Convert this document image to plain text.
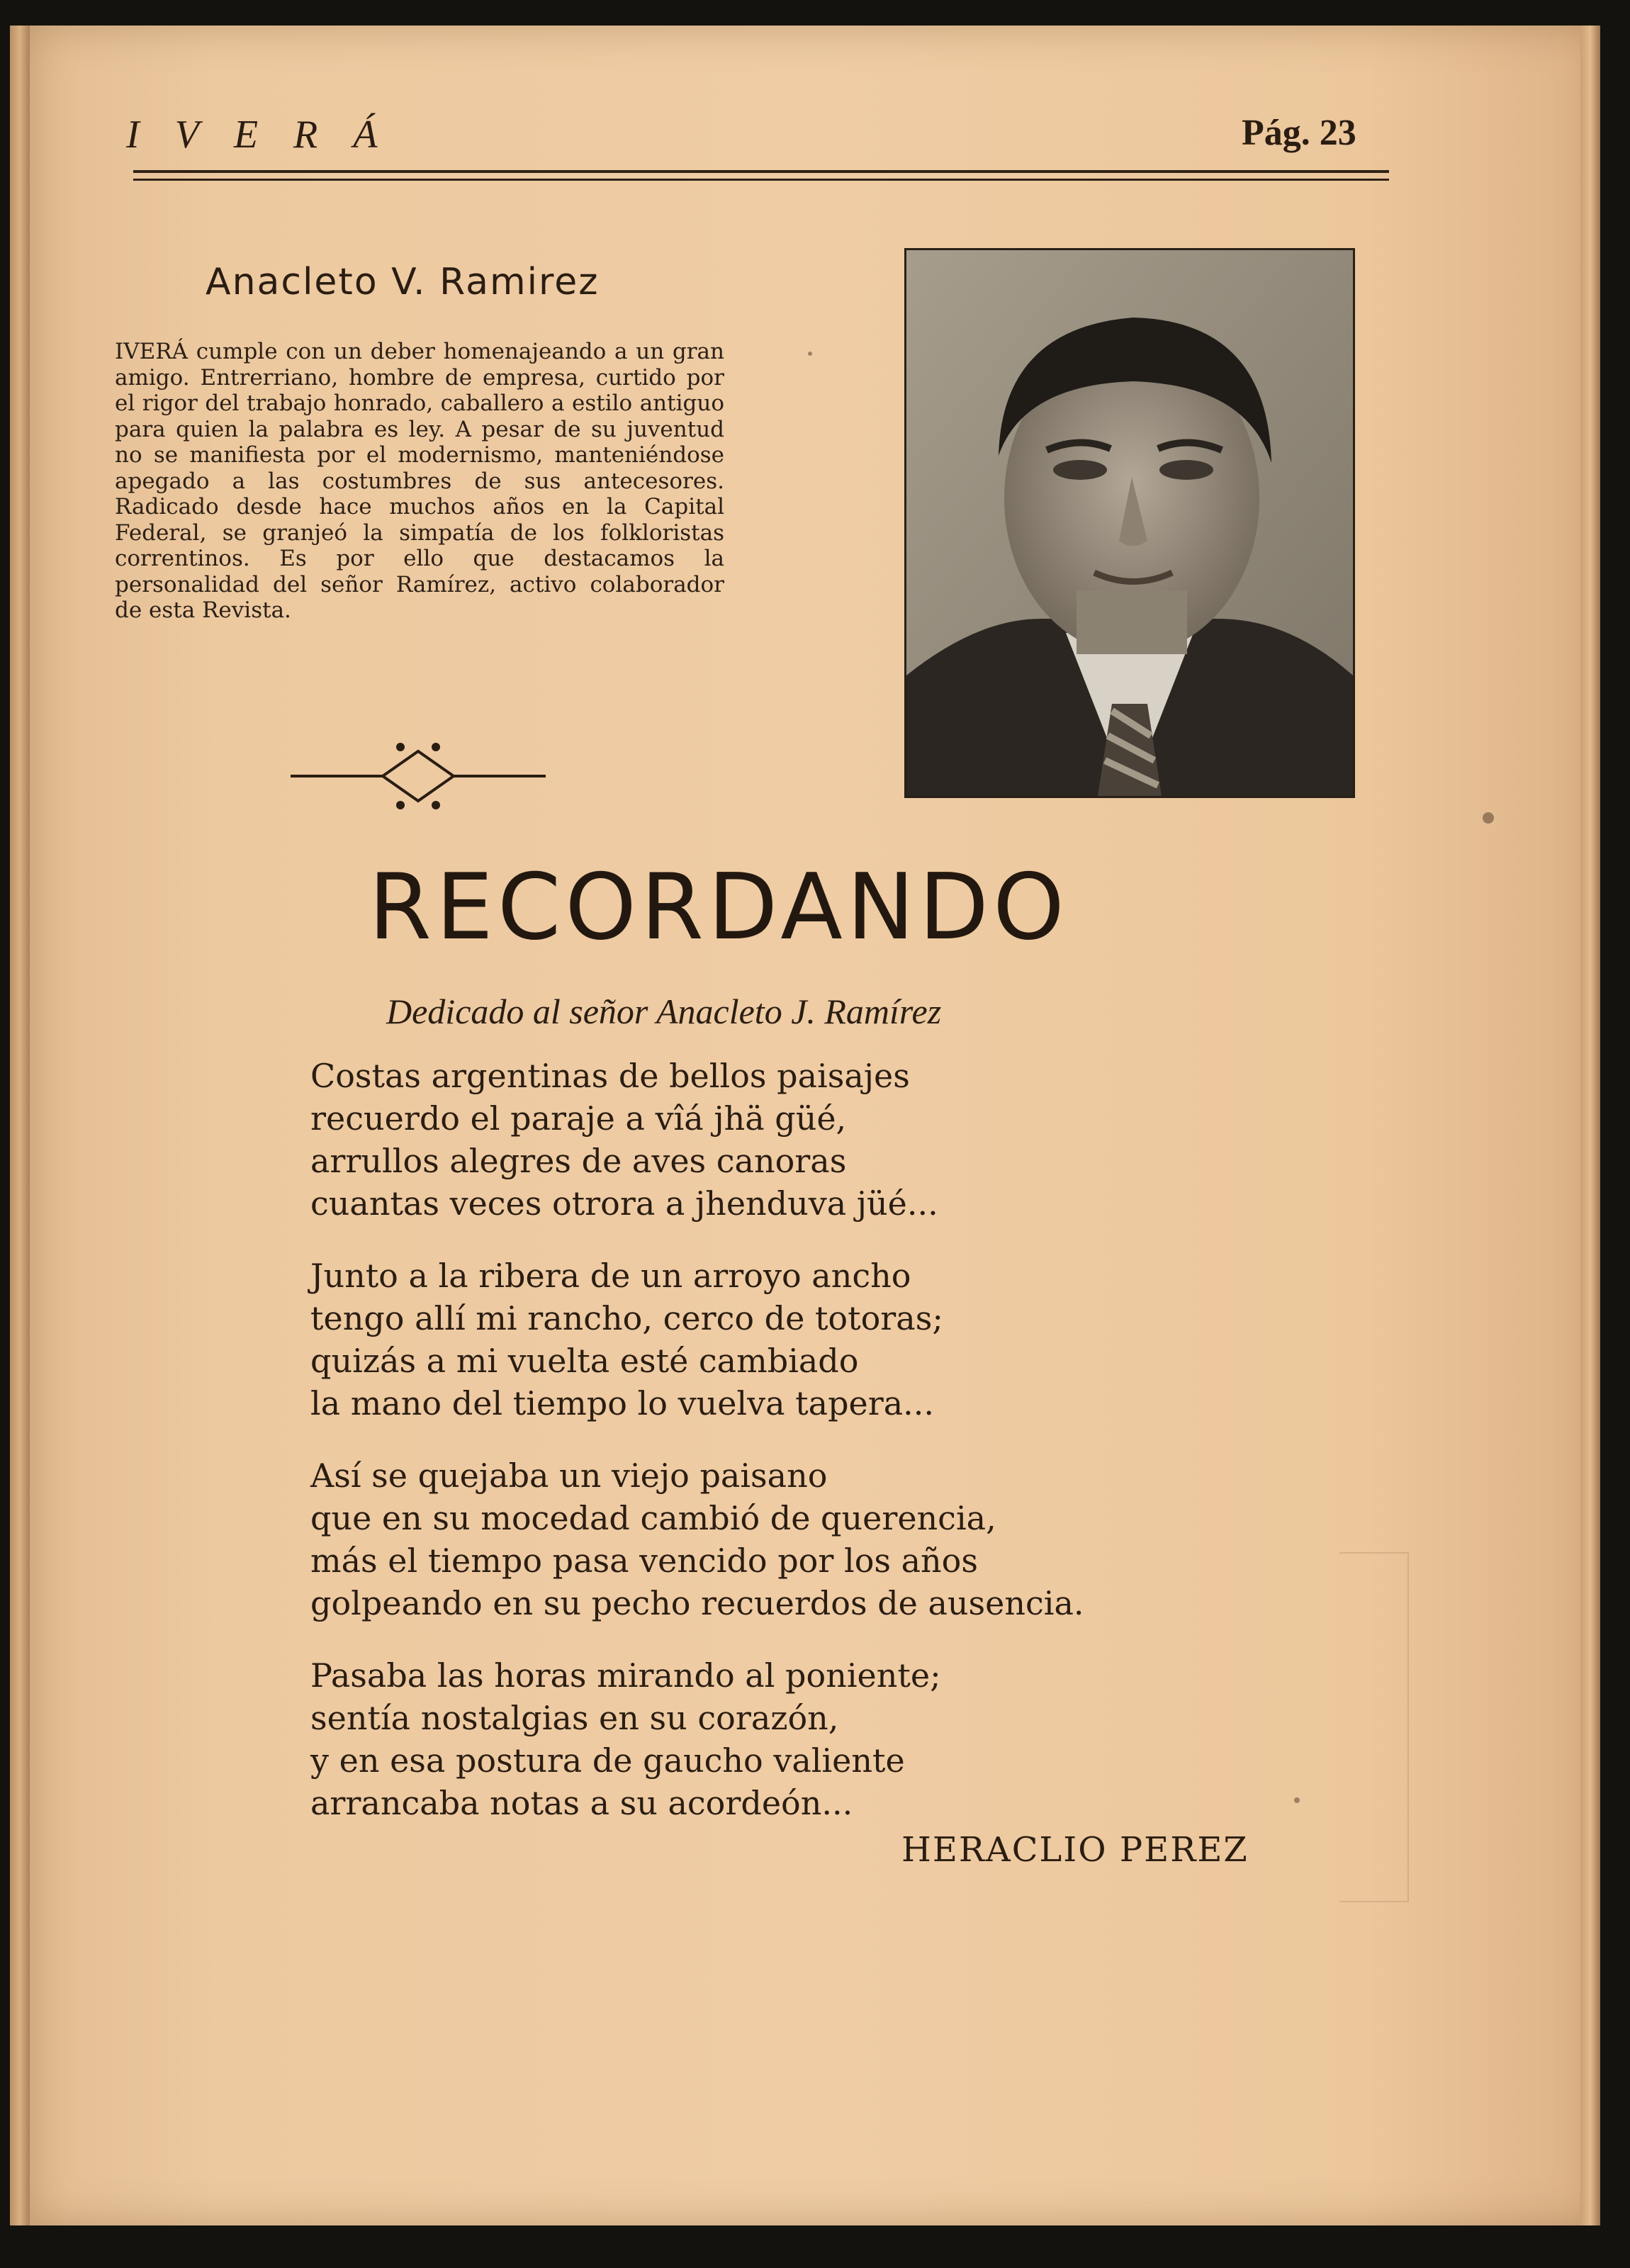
I V E R Á	Pág. 23
Anacleto V. Ramirez

IVERÁ cumple con un deber homenajeando a un gran amigo. Entrerriano, hombre de empresa, curtido por el rigor del trabajo honrado, caballero a estilo antiguo para quien la palabra es ley. A pesar de su juventud no se manifiesta por el modernismo, manteniéndose apegado a las costumbres de sus antecesores. Radicado desde hace muchos años en la Capital Federal, se granjeó la simpatía de los folkloristas correntinos. Es por ello que destacamos la personalidad del señor Ramírez, activo colaborador de esta Revista.

RECORDANDO
Dedicado al señor Anacleto J. Ramírez
Costas argentinas de bellos paisajes
recuerdo el paraje a vîá jhä güé,
arrullos alegres de aves canoras
cuantas veces otrora a jhenduva jüé...
Junto a la ribera de un arroyo ancho
tengo allí mi rancho, cerco de totoras;
quizás a mi vuelta esté cambiado
la mano del tiempo lo vuelva tapera...
Así se quejaba un viejo paisano
que en su mocedad cambió de querencia,
más el tiempo pasa vencido por los años
golpeando en su pecho recuerdos de ausencia.
Pasaba las horas mirando al poniente;
sentía nostalgias en su corazón,
y en esa postura de gaucho valiente
arrancaba notas a su acordeón...
HERACLIO PEREZ
